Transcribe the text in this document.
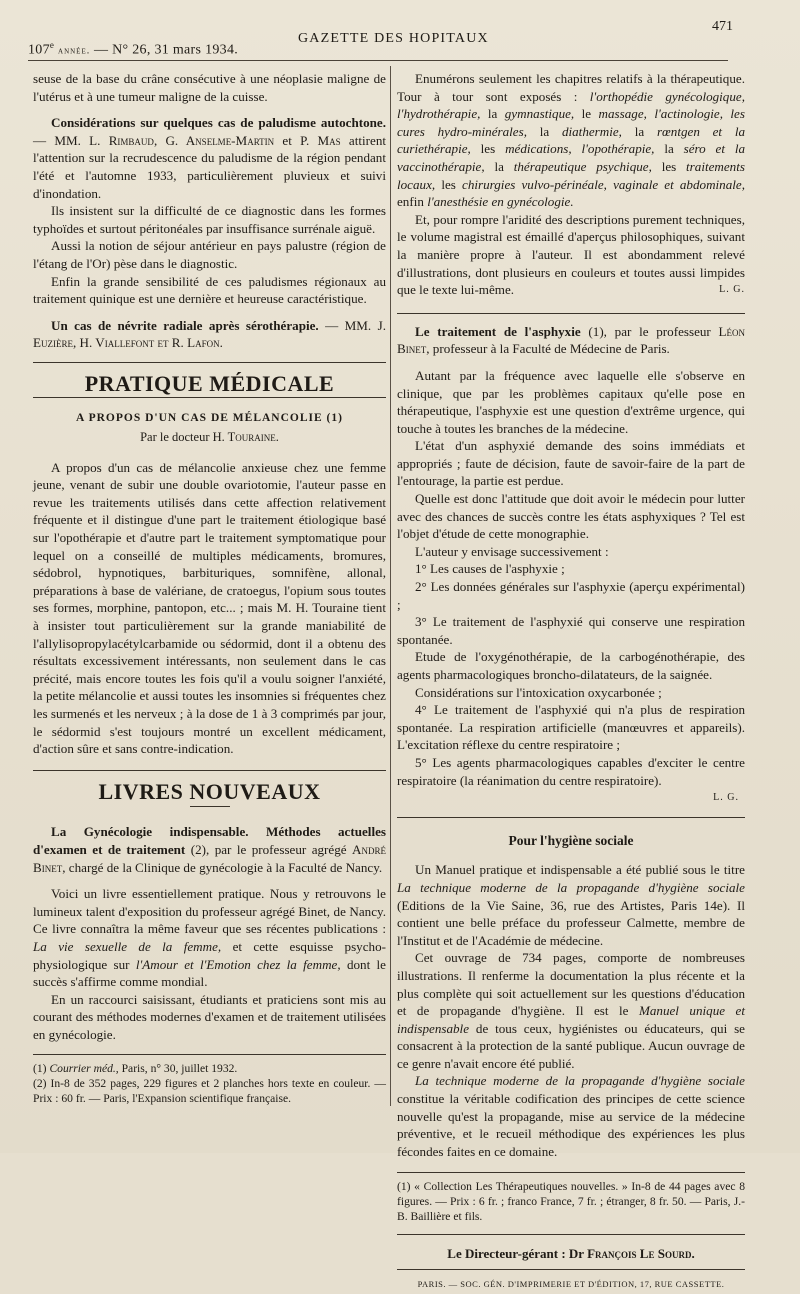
107e année. — N° 26, 31 mars 1934.
GAZETTE DES HOPITAUX
471

seuse de la base du crâne consécutive à une néoplasie maligne de l'utérus et à une tumeur maligne de la cuisse.

Considérations sur quelques cas de paludisme autochtone. — MM. L. Rimbaud, G. Anselme-Martin et P. Mas attirent l'attention sur la recrudescence du paludisme de la région pendant l'été et l'automne 1933, particulièrement pluvieux et suivi d'inondation.

Ils insistent sur la difficulté de ce diagnostic dans les formes typhoïdes et surtout péritonéales par insuffisance surrénale aiguë.

Aussi la notion de séjour antérieur en pays palustre (région de l'étang de l'Or) pèse dans le diagnostic.

Enfin la grande sensibilité de ces paludismes régionaux au traitement quinique est une dernière et heureuse caractéristique.

Un cas de névrite radiale après sérothérapie. — MM. J. Euzière, H. Viallefont et R. Lafon.

PRATIQUE MÉDICALE
A PROPOS D'UN CAS DE MÉLANCOLIE (1)
Par le docteur H. Touraine.

A propos d'un cas de mélancolie anxieuse chez une femme jeune, venant de subir une double ovariotomie, l'auteur passe en revue les traitements utilisés dans cette affection relativement fréquente et il distingue d'une part le traitement étiologique basé sur l'opothérapie et d'autre part le traitement symptomatique pour lequel on a conseillé de multiples médicaments, bromures, sédobrol, hypnotiques, barbituriques, somnifène, allonal, préparations à base de valériane, de cratoegus, l'opium sous toutes ses formes, morphine, pantopon, etc... ; mais M. H. Touraine tient à insister tout particulièrement sur la grande maniabilité de l'allylisopropylacétylcarbamide ou sédormid, dont il a obtenu des résultats excessivement intéressants, non seulement dans le cas précité, mais encore toutes les fois qu'il a voulu soigner l'anxiété, la petite mélancolie et aussi toutes les insomnies si fréquentes chez les surmenés et les nerveux ; à la dose de 1 à 3 comprimés par jour, le sédormid s'est toujours montré un excellent médicament, d'action sûre et sans contre-indication.

LIVRES NOUVEAUX

La Gynécologie indispensable. Méthodes actuelles d'examen et de traitement (2), par le professeur agrégé André Binet, chargé de la Clinique de gynécologie à la Faculté de Nancy.

Voici un livre essentiellement pratique. Nous y retrouvons le lumineux talent d'exposition du professeur agrégé Binet, de Nancy. Ce livre connaîtra la même faveur que ses récentes publications : La vie sexuelle de la femme, et cette esquisse psycho-physiologique sur l'Amour et l'Emotion chez la femme, dont le succès s'affirme comme mondial.

En un raccourci saisissant, étudiants et praticiens sont mis au courant des méthodes modernes d'examen et de traitement utilisées en gynécologie.

(1) Courrier méd., Paris, n° 30, juillet 1932.

(2) In-8 de 352 pages, 229 figures et 2 planches hors texte en couleur. — Prix : 60 fr. — Paris, l'Expansion scientifique française.

Enumérons seulement les chapitres relatifs à la thérapeutique. Tour à tour sont exposés : l'orthopédie gynécologique, l'hydrothérapie, la gymnastique, le massage, l'actinologie, les cures hydro-minérales, la diathermie, la rœntgen et la curiethérapie, les médications, l'opothérapie, la séro et la vaccinothérapie, la thérapeutique psychique, les traitements locaux, les chirurgies vulvo-périnéale, vaginale et abdominale, enfin l'anesthésie en gynécologie.

Et, pour rompre l'aridité des descriptions purement techniques, le volume magistral est émaillé d'aperçus philosophiques, suivant la manière propre à l'auteur. Il est abondamment relevé d'illustrations, dont plusieurs en couleurs et toutes aussi limpides que le texte lui-même.	L. G.

Le traitement de l'asphyxie (1), par le professeur Léon Binet, professeur à la Faculté de Médecine de Paris.

Autant par la fréquence avec laquelle elle s'observe en clinique, que par les problèmes capitaux qu'elle pose en thérapeutique, l'asphyxie est une question d'extrême urgence, qui touche à toutes les branches de la médecine.

L'état d'un asphyxié demande des soins immédiats et appropriés ; faute de décision, faute de savoir-faire de la part de l'entourage, la partie est perdue.

Quelle est donc l'attitude que doit avoir le médecin pour lutter avec des chances de succès contre les états asphyxiques ? Tel est l'objet d'étude de cette monographie.

L'auteur y envisage successivement :

1° Les causes de l'asphyxie ;

2° Les données générales sur l'asphyxie (aperçu expérimental) ;

3° Le traitement de l'asphyxié qui conserve une respiration spontanée.

Etude de l'oxygénothérapie, de la carbogénothérapie, des agents pharmacologiques broncho-dilatateurs, de la saignée.

Considérations sur l'intoxication oxycarbonée ;

4° Le traitement de l'asphyxié qui n'a plus de respiration spontanée. La respiration artificielle (manœuvres et appareils). L'excitation réflexe du centre respiratoire ;

5° Les agents pharmacologiques capables d'exciter le centre respiratoire (la réanimation du centre respiratoire).

L. G.
Pour l'hygiène sociale

Un Manuel pratique et indispensable a été publié sous le titre La technique moderne de la propagande d'hygiène sociale (Editions de la Vie Saine, 36, rue des Artistes, Paris 14e). Il contient une belle préface du professeur Calmette, membre de l'Institut et de l'Académie de médecine.

Cet ouvrage de 734 pages, comporte de nombreuses illustrations. Il renferme la documentation la plus récente et la plus complète qui soit actuellement sur les questions d'éducation et de propagande d'hygiène. Il est le Manuel unique et indispensable de tous ceux, hygiénistes ou éducateurs, qui se consacrent à la protection de la santé publique. Aucun ouvrage de ce genre n'avait encore été publié.

La technique moderne de la propagande d'hygiène sociale constitue la véritable codification des principes de cette science nouvelle qu'est la propagande, mise au service de la médecine préventive, et le recueil méthodique des expériences les plus fécondes faites en ce domaine.

(1) « Collection Les Thérapeutiques nouvelles. » In-8 de 44 pages avec 8 figures. — Prix : 6 fr. ; franco France, 7 fr. ; étranger, 8 fr. 50. — Paris, J.-B. Baillière et fils.

Le Directeur-gérant : Dr François Le Sourd.
PARIS. — SOC. GÉN. D'IMPRIMERIE ET D'ÉDITION, 17, RUE CASSETTE.
